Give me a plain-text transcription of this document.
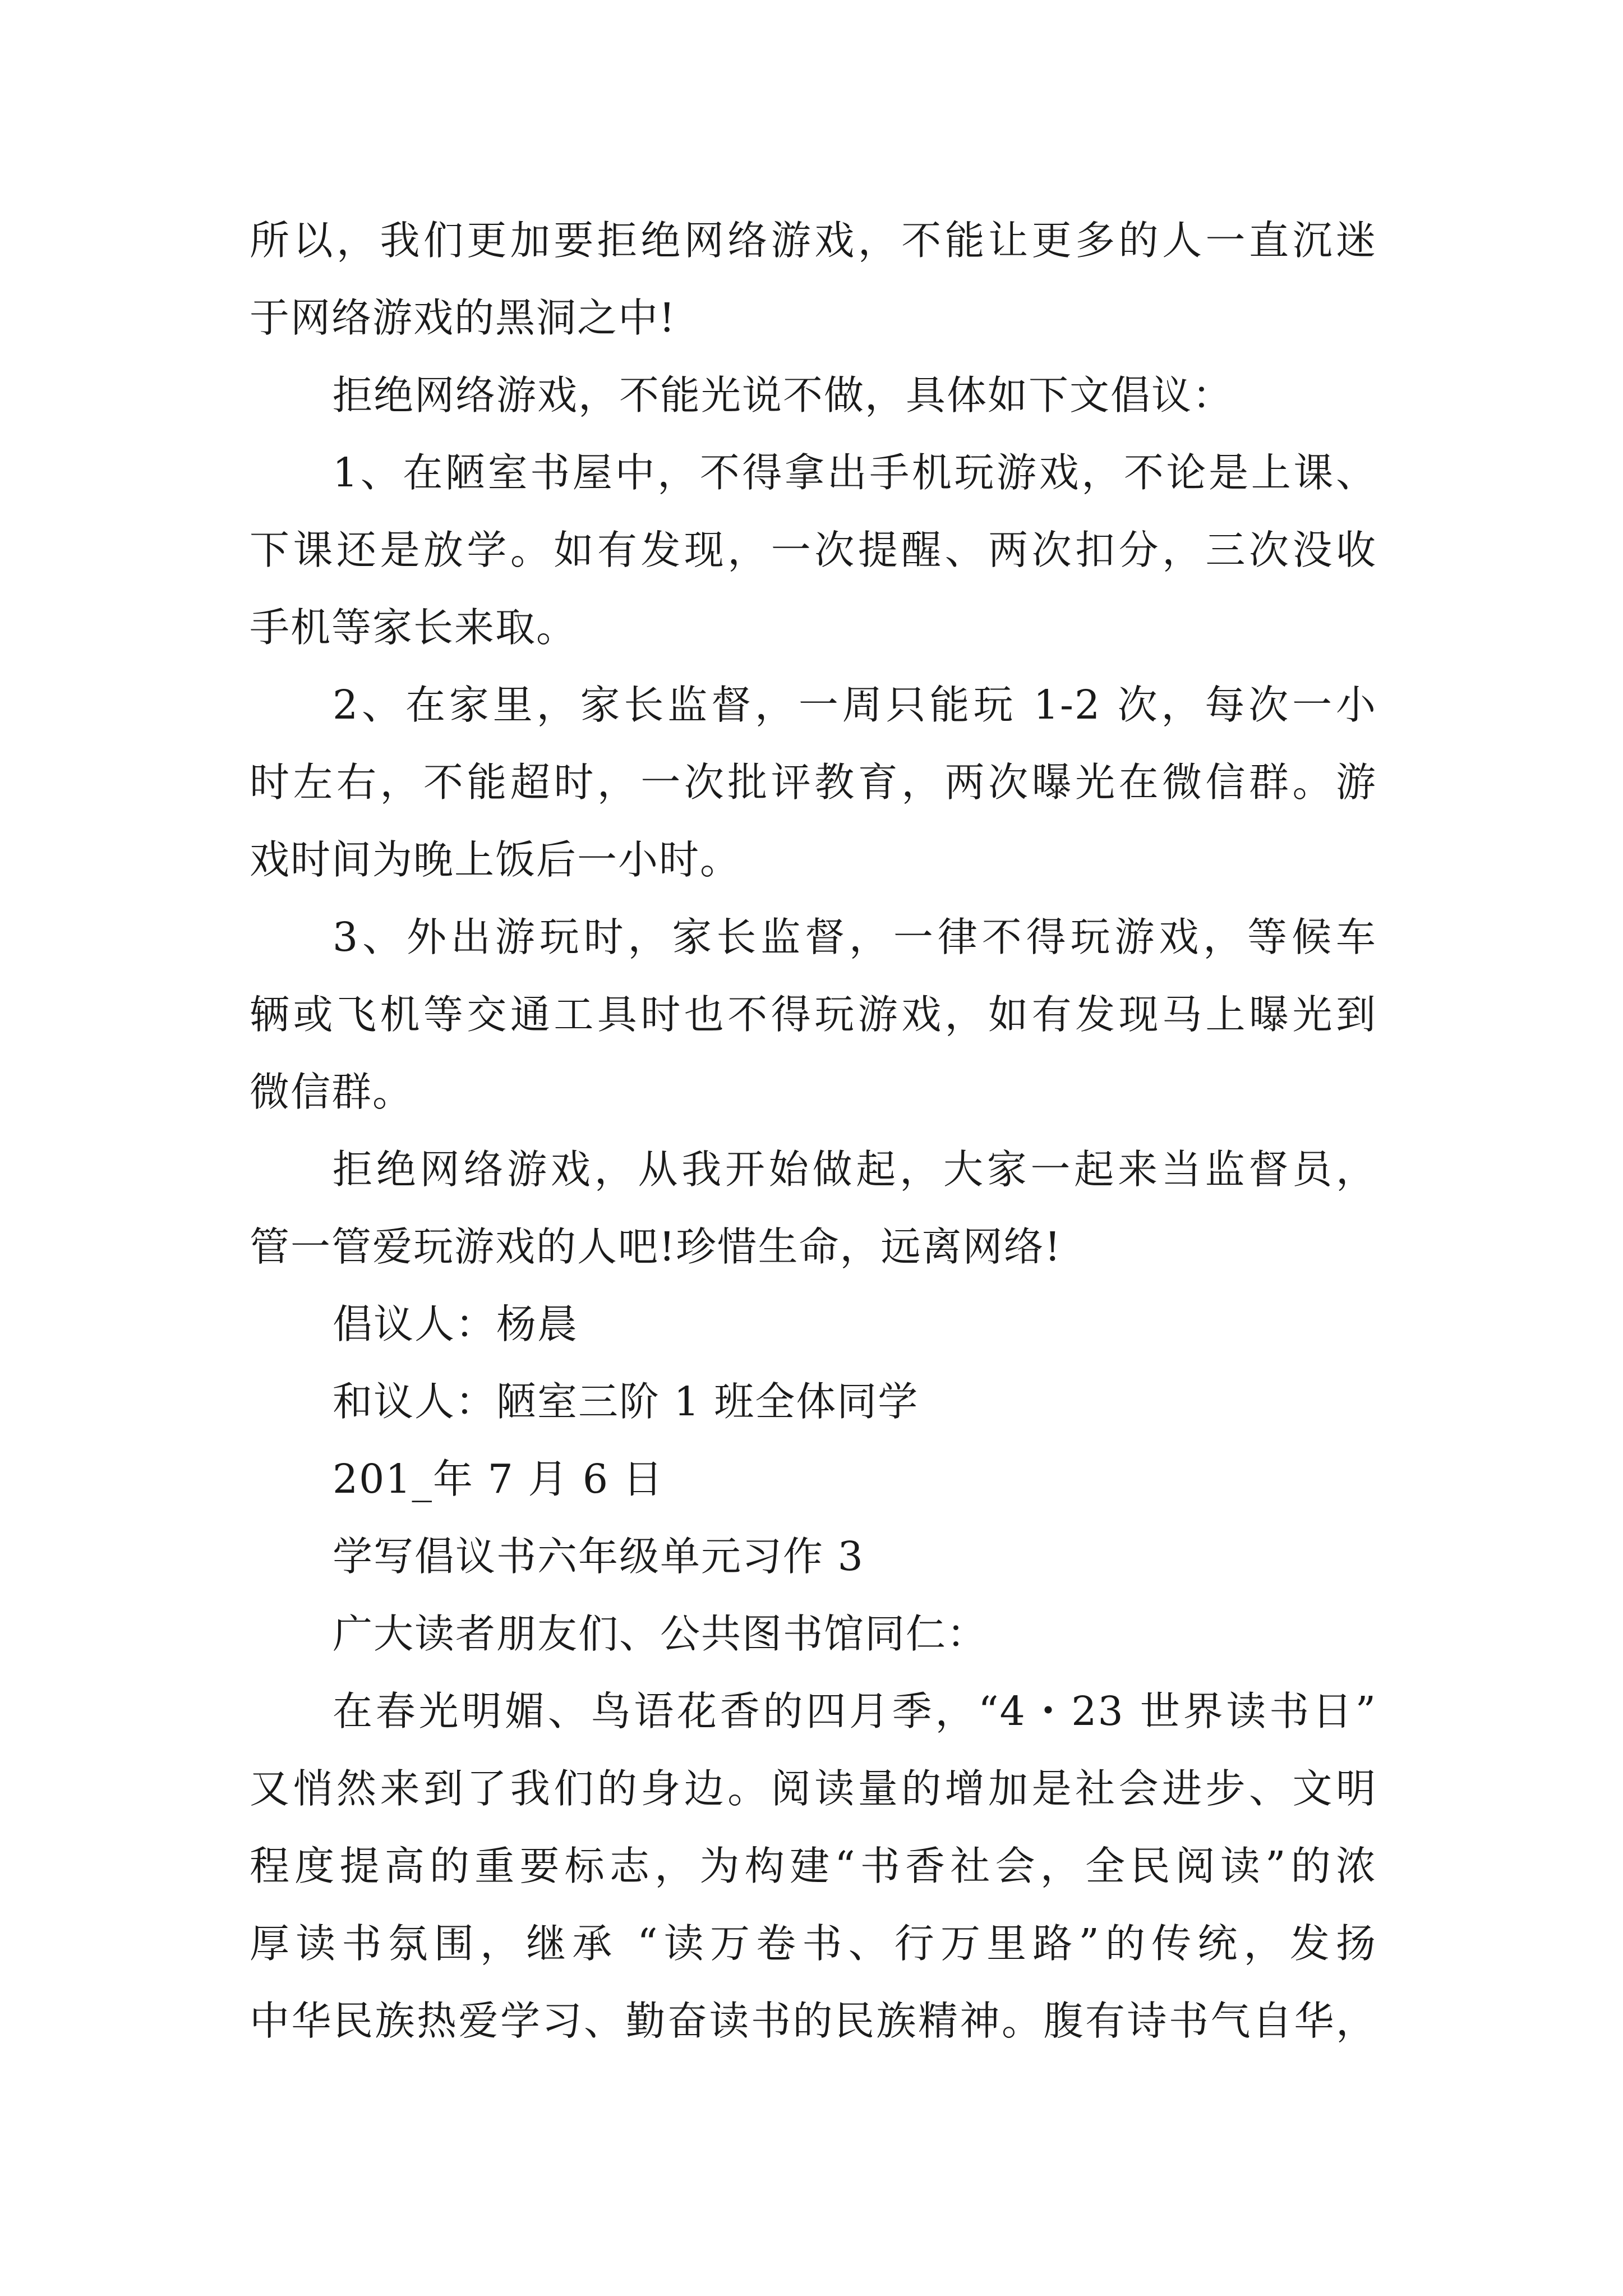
所以，我们更加要拒绝网络游戏，不能让更多的人一直沉迷
于网络游戏的黑洞之中!

拒绝网络游戏，不能光说不做，具体如下文倡议：

1、在陋室书屋中，不得拿出手机玩游戏，不论是上课、
下课还是放学。如有发现，一次提醒、两次扣分，三次没收
手机等家长来取。

2、在家里，家长监督，一周只能玩 1-2 次，每次一小
时左右，不能超时，一次批评教育，两次曝光在微信群。游
戏时间为晚上饭后一小时。

3、外出游玩时，家长监督，一律不得玩游戏，等候车
辆或飞机等交通工具时也不得玩游戏，如有发现马上曝光到
微信群。

拒绝网络游戏，从我开始做起，大家一起来当监督员，
管一管爱玩游戏的人吧!珍惜生命，远离网络!

倡议人：杨晨

和议人：陋室三阶 1 班全体同学

201_年 7 月 6 日

学写倡议书六年级单元习作 3

广大读者朋友们、公共图书馆同仁：

在春光明媚、鸟语花香的四月季，“4・23 世界读书日”
又悄然来到了我们的身边。阅读量的增加是社会进步、文明
程度提高的重要标志，为构建“书香社会，全民阅读”的浓
厚读书氛围，继承 “读万卷书、行万里路”的传统，发扬
中华民族热爱学习、勤奋读书的民族精神。腹有诗书气自华，
